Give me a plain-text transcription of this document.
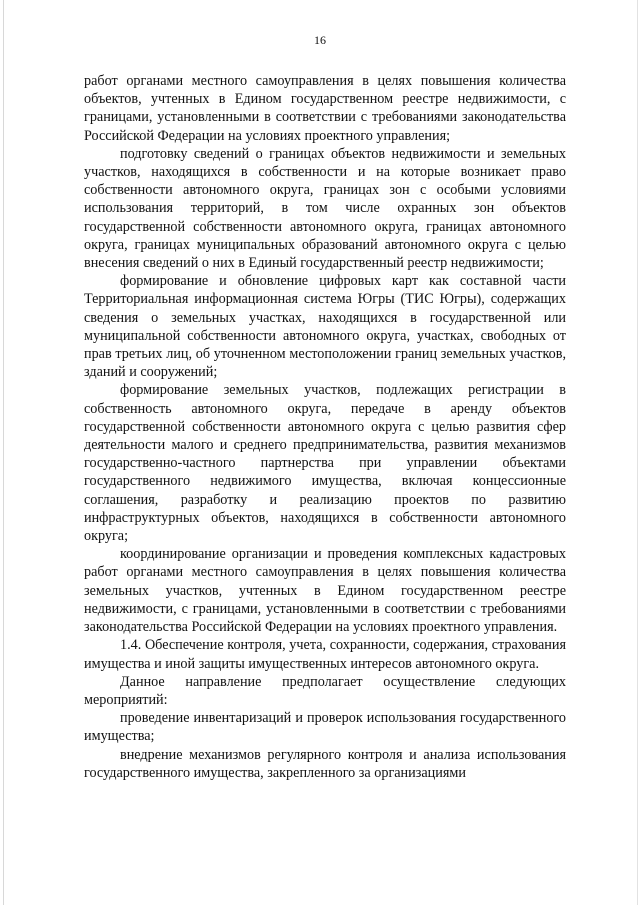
16

работ органами местного самоуправления в целях повышения количества объектов, учтенных в Едином государственном реестре недвижимости, с границами, установленными в соответствии с требованиями законодательства Российской Федерации на условиях проектного управления;

подготовку сведений о границах объектов недвижимости и земельных участков, находящихся в собственности и на которые возникает право собственности автономного округа, границах зон с особыми условиями использования территорий, в том числе охранных зон объектов государственной собственности автономного округа, границах автономного округа, границах муниципальных образований автономного округа с целью внесения сведений о них в Единый государственный реестр недвижимости;

формирование и обновление цифровых карт как составной части Территориальная информационная система Югры (ТИС Югры), содержащих сведения о земельных участках, находящихся в государственной или муниципальной собственности автономного округа, участках, свободных от прав третьих лиц, об уточненном местоположении границ земельных участков, зданий и сооружений;

формирование земельных участков, подлежащих регистрации в собственность автономного округа, передаче в аренду объектов государственной собственности автономного округа с целью развития сфер деятельности малого и среднего предпринимательства, развития механизмов государственно-частного партнерства при управлении объектами государственного недвижимого имущества, включая концессионные соглашения, разработку и реализацию проектов по развитию инфраструктурных объектов, находящихся в собственности автономного округа;

координирование организации и проведения комплексных кадастровых работ органами местного самоуправления в целях повышения количества земельных участков, учтенных в Едином государственном реестре недвижимости, с границами, установленными в соответствии с требованиями законодательства Российской Федерации на условиях проектного управления.

1.4. Обеспечение контроля, учета, сохранности, содержания, страхования имущества и иной защиты имущественных интересов автономного округа.

Данное направление предполагает осуществление следующих мероприятий:

проведение инвентаризаций и проверок использования государственного имущества;

внедрение механизмов регулярного контроля и анализа использования государственного имущества, закрепленного за организациями
